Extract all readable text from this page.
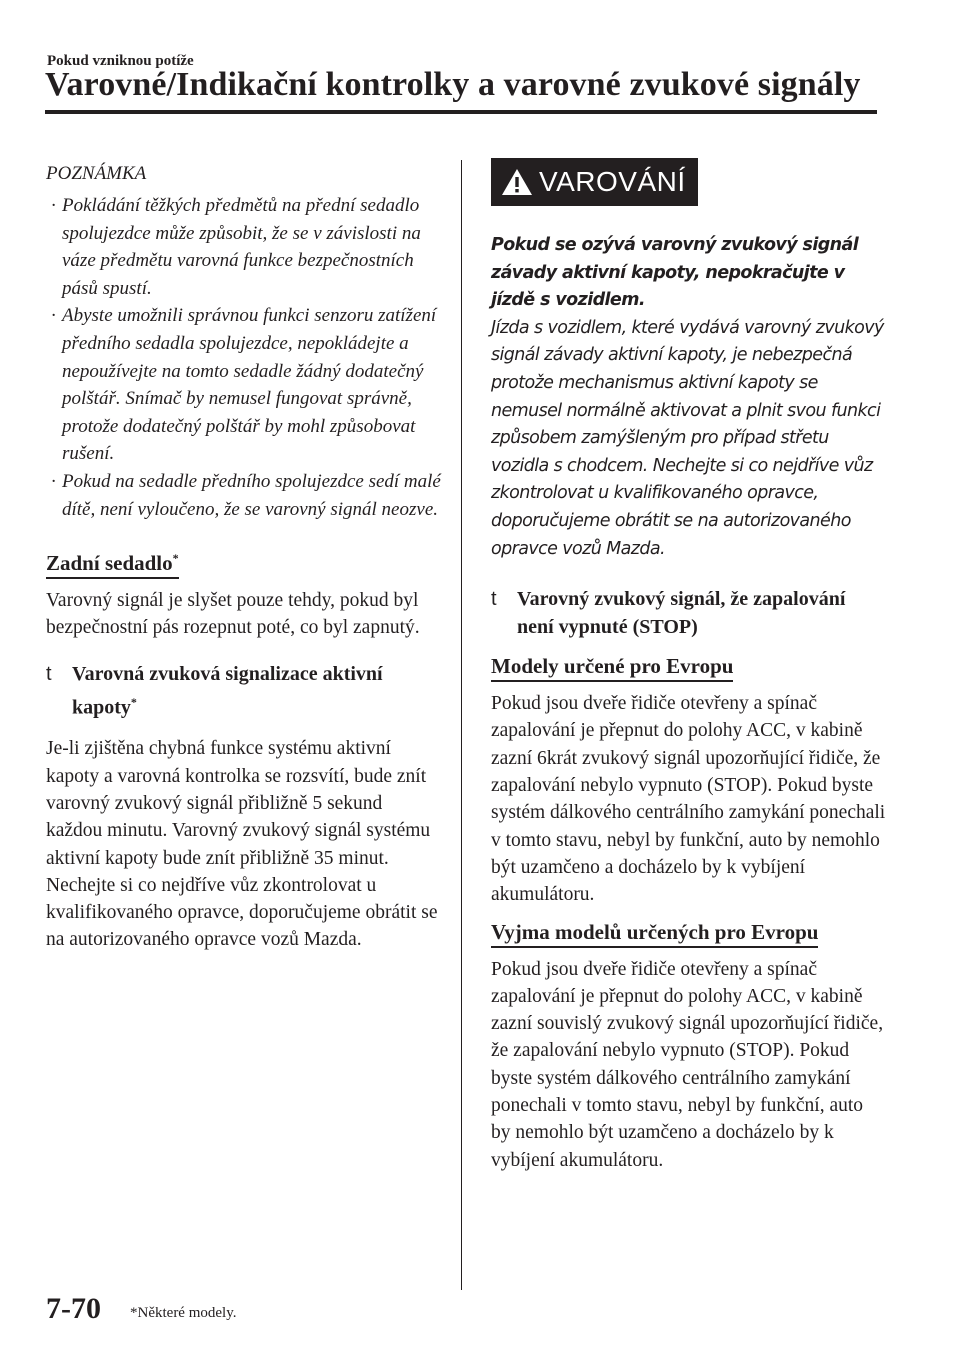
Pokud vzniknou potíže
Varovné/Indikační kontrolky a varovné zvukové signály
POZNÁMKA
· Pokládání těžkých předmětů na přední sedadlo spolujezdce může způsobit, že se v závislosti na váze předmětu varovná funkce bezpečnostních pásů spustí.
· Abyste umožnili správnou funkci senzoru zatížení předního sedadla spolujezdce, nepokládejte a nepoužívejte na tomto sedadle žádný dodatečný polštář. Snímač by nemusel fungovat správně, protože dodatečný polštář by mohl způsobovat rušení.
· Pokud na sedadle předního spolujezdce sedí malé dítě, není vyloučeno, že se varovný signál neozve.
Zadní sedadlo*

Varovný signál je slyšet pouze tehdy, pokud byl bezpečnostní pás rozepnut poté, co byl zapnutý.

t Varovná zvuková signalizace aktivní kapoty*

Je-li zjištěna chybná funkce systému aktivní kapoty a varovná kontrolka se rozsvítí, bude znít varovný zvukový signál přibližně 5 sekund každou minutu. Varovný zvukový signál systému aktivní kapoty bude znít přibližně 35 minut. Nechejte si co nejdříve vůz zkontrolovat u kvalifikovaného opravce, doporučujeme obrátit se na autorizovaného opravce vozů Mazda.

VAROVÁNÍ

Pokud se ozývá varovný zvukový signál závady aktivní kapoty, nepokračujte v jízdě s vozidlem.

Jízda s vozidlem, které vydává varovný zvukový signál závady aktivní kapoty, je nebezpečná protože mechanismus aktivní kapoty se nemusel normálně aktivovat a plnit svou funkci způsobem zamýšleným pro případ střetu vozidla s chodcem. Nechejte si co nejdříve vůz zkontrolovat u kvalifikovaného opravce, doporučujeme obrátit se na autorizovaného opravce vozů Mazda.

t Varovný zvukový signál, že zapalování není vypnuté (STOP)
Modely určené pro Evropu

Pokud jsou dveře řidiče otevřeny a spínač zapalování je přepnut do polohy ACC, v kabině zazní 6krát zvukový signál upozorňující řidiče, že zapalování nebylo vypnuto (STOP). Pokud byste systém dálkového centrálního zamykání ponechali v tomto stavu, nebyl by funkční, auto by nemohlo být uzamčeno a docházelo by k vybíjení akumulátoru.

Vyjma modelů určených pro Evropu

Pokud jsou dveře řidiče otevřeny a spínač zapalování je přepnut do polohy ACC, v kabině zazní souvislý zvukový signál upozorňující řidiče, že zapalování nebylo vypnuto (STOP). Pokud byste systém dálkového centrálního zamykání ponechali v tomto stavu, nebyl by funkční, auto by nemohlo být uzamčeno a docházelo by k vybíjení akumulátoru.

7-70 *Některé modely.
